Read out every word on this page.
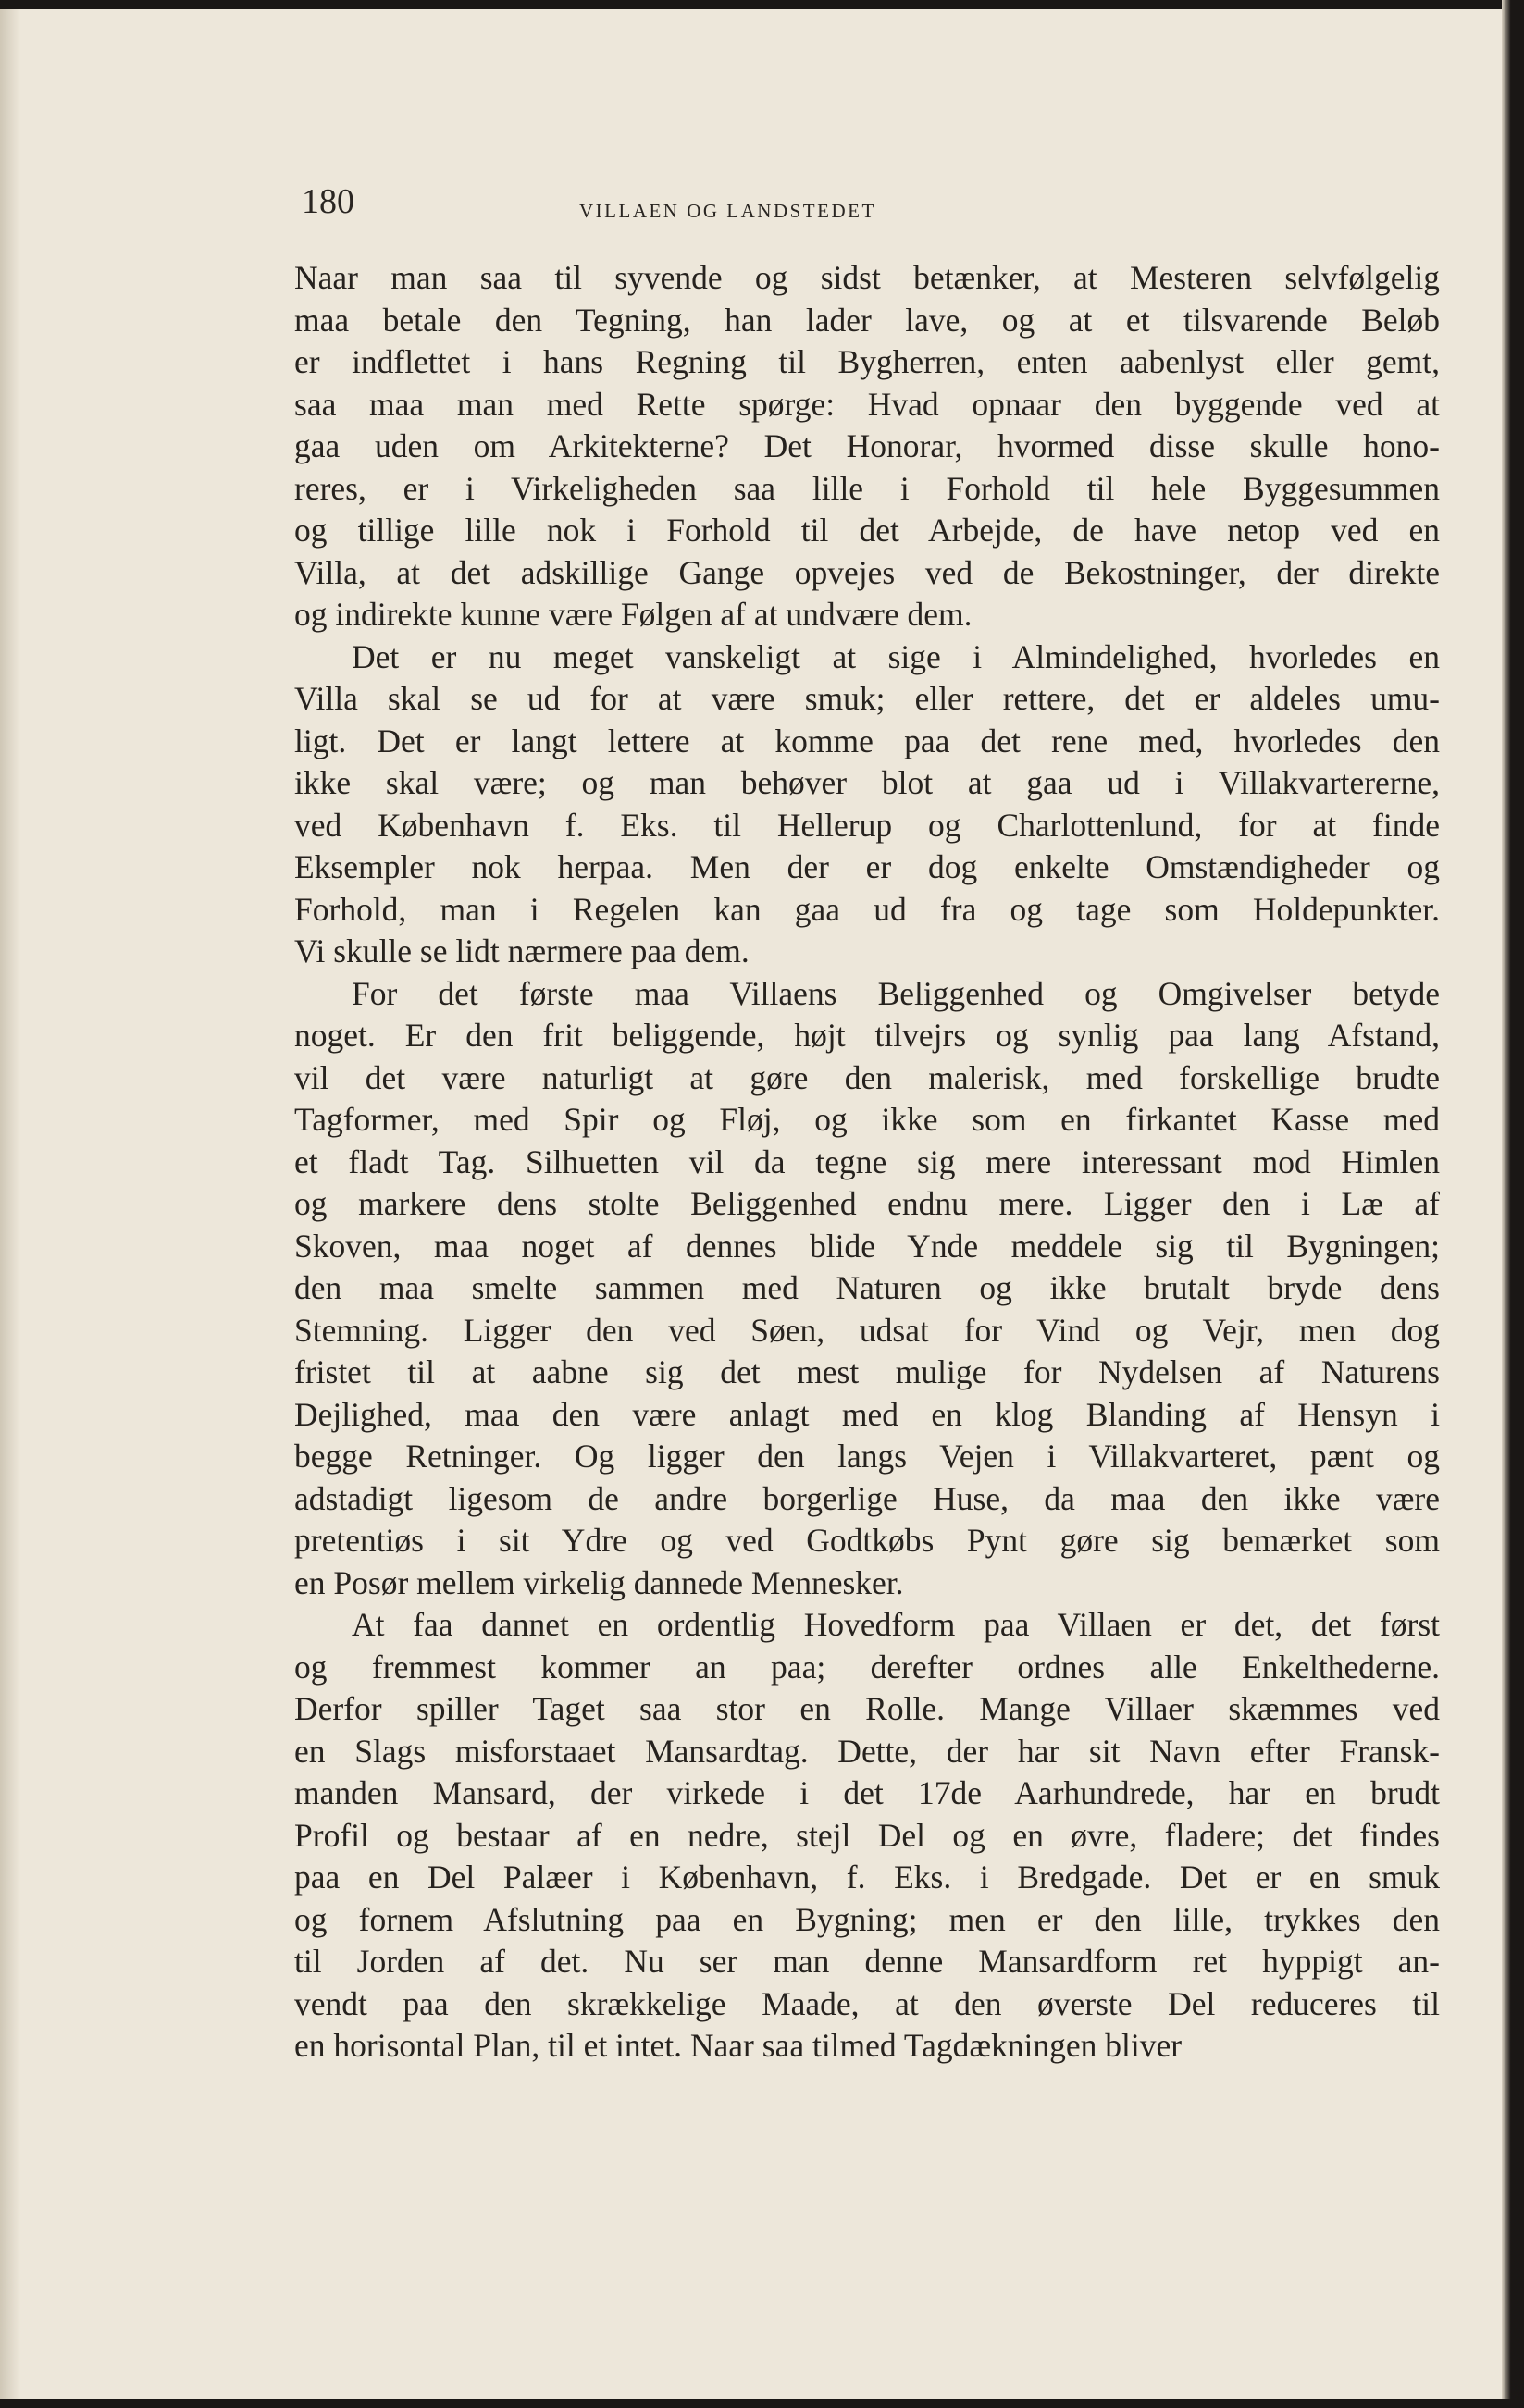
180	VILLAEN OG LANDSTEDET

Naar man saa til syvende og sidst betænker, at Mesteren selvfølgelig
maa betale den Tegning, han lader lave, og at et tilsvarende Beløb
er indflettet i hans Regning til Bygherren, enten aabenlyst eller gemt,
saa maa man med Rette spørge: Hvad opnaar den byggende ved at
gaa uden om Arkitekterne? Det Honorar, hvormed disse skulle hono-
reres, er i Virkeligheden saa lille i Forhold til hele Byggesummen
og tillige lille nok i Forhold til det Arbejde, de have netop ved en
Villa, at det adskillige Gange opvejes ved de Bekostninger, der direkte
og indirekte kunne være Følgen af at undvære dem.

Det er nu meget vanskeligt at sige i Almindelighed, hvorledes en
Villa skal se ud for at være smuk; eller rettere, det er aldeles umu-
ligt. Det er langt lettere at komme paa det rene med, hvorledes den
ikke skal være; og man behøver blot at gaa ud i Villakvartererne,
ved København f. Eks. til Hellerup og Charlottenlund, for at finde
Eksempler nok herpaa. Men der er dog enkelte Omstændigheder og
Forhold, man i Regelen kan gaa ud fra og tage som Holdepunkter.
Vi skulle se lidt nærmere paa dem.

For det første maa Villaens Beliggenhed og Omgivelser betyde
noget. Er den frit beliggende, højt tilvejrs og synlig paa lang Afstand,
vil det være naturligt at gøre den malerisk, med forskellige brudte
Tagformer, med Spir og Fløj, og ikke som en firkantet Kasse med
et fladt Tag. Silhuetten vil da tegne sig mere interessant mod Himlen
og markere dens stolte Beliggenhed endnu mere. Ligger den i Læ af
Skoven, maa noget af dennes blide Ynde meddele sig til Bygningen;
den maa smelte sammen med Naturen og ikke brutalt bryde dens
Stemning. Ligger den ved Søen, udsat for Vind og Vejr, men dog
fristet til at aabne sig det mest mulige for Nydelsen af Naturens
Dejlighed, maa den være anlagt med en klog Blanding af Hensyn i
begge Retninger. Og ligger den langs Vejen i Villakvarteret, pænt og
adstadigt ligesom de andre borgerlige Huse, da maa den ikke være
pretentiøs i sit Ydre og ved Godtkøbs Pynt gøre sig bemærket som
en Posør mellem virkelig dannede Mennesker.

At faa dannet en ordentlig Hovedform paa Villaen er det, det først
og fremmest kommer an paa; derefter ordnes alle Enkelthederne.
Derfor spiller Taget saa stor en Rolle. Mange Villaer skæmmes ved
en Slags misforstaaet Mansardtag. Dette, der har sit Navn efter Fransk-
manden Mansard, der virkede i det 17de Aarhundrede, har en brudt
Profil og bestaar af en nedre, stejl Del og en øvre, fladere; det findes
paa en Del Palæer i København, f. Eks. i Bredgade. Det er en smuk
og fornem Afslutning paa en Bygning; men er den lille, trykkes den
til Jorden af det. Nu ser man denne Mansardform ret hyppigt an-
vendt paa den skrækkelige Maade, at den øverste Del reduceres til
en horisontal Plan, til et intet. Naar saa tilmed Tagdækningen bliver
